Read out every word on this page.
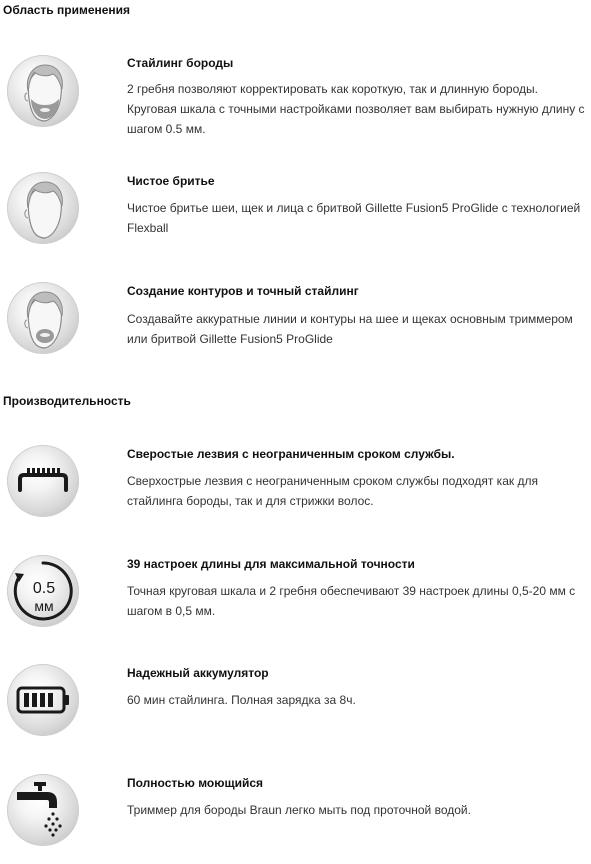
Область применения
Стайлинг бороды
2 гребня позволяют корректировать как короткую, так и длинную бороды. Круговая шкала с точными настройками позволяет вам выбирать нужную длину с шагом 0.5 мм.
Чистое бритье
Чистое бритье шеи, щек и лица с бритвой Gillette Fusion5 ProGlide с технологией Flexball
Создание контуров и точный стайлинг
Создавайте аккуратные линии и контуры на шее и щеках основным триммером или бритвой Gillette Fusion5 ProGlide
Производительность
Сверостые лезвия с неограниченным сроком службы.
Сверхострые лезвия с неограниченным сроком службы подходят как для стайлинга бороды, так и для стрижки волос.
0.5
мм
39 настроек длины для максимальной точности
Точная круговая шкала и 2 гребня обеспечивают 39 настроек длины 0,5-20 мм с шагом в 0,5 мм.
Надежный аккумулятор
60 мин стайлинга. Полная зарядка за 8ч.
Полностью моющийся
Триммер для бороды Braun легко мыть под проточной водой.
